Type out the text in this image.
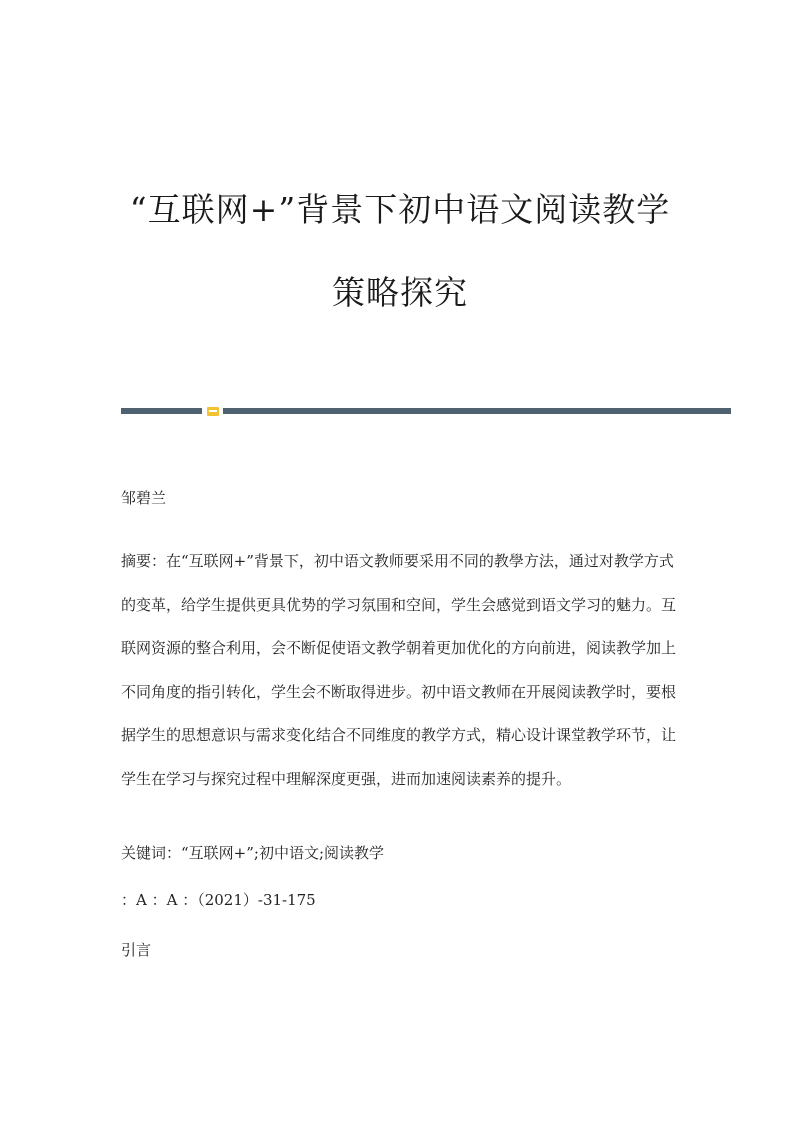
“互联网+”背景下初中语文阅读教学
策略探究

邹碧兰

摘要：在“互联网+”背景下，初中语文教师要采用不同的教學方法，通过对教学方式的变革，给学生提供更具优势的学习氛围和空间，学生会感觉到语文学习的魅力。互联网资源的整合利用，会不断促使语文教学朝着更加优化的方向前进，阅读教学加上不同角度的指引转化，学生会不断取得进步。初中语文教师在开展阅读教学时，要根据学生的思想意识与需求变化结合不同维度的教学方式，精心设计课堂教学环节，让学生在学习与探究过程中理解深度更强，进而加速阅读素养的提升。

关键词：“互联网+”;初中语文;阅读教学

：A ：A ：（2021）-31-175

引言
